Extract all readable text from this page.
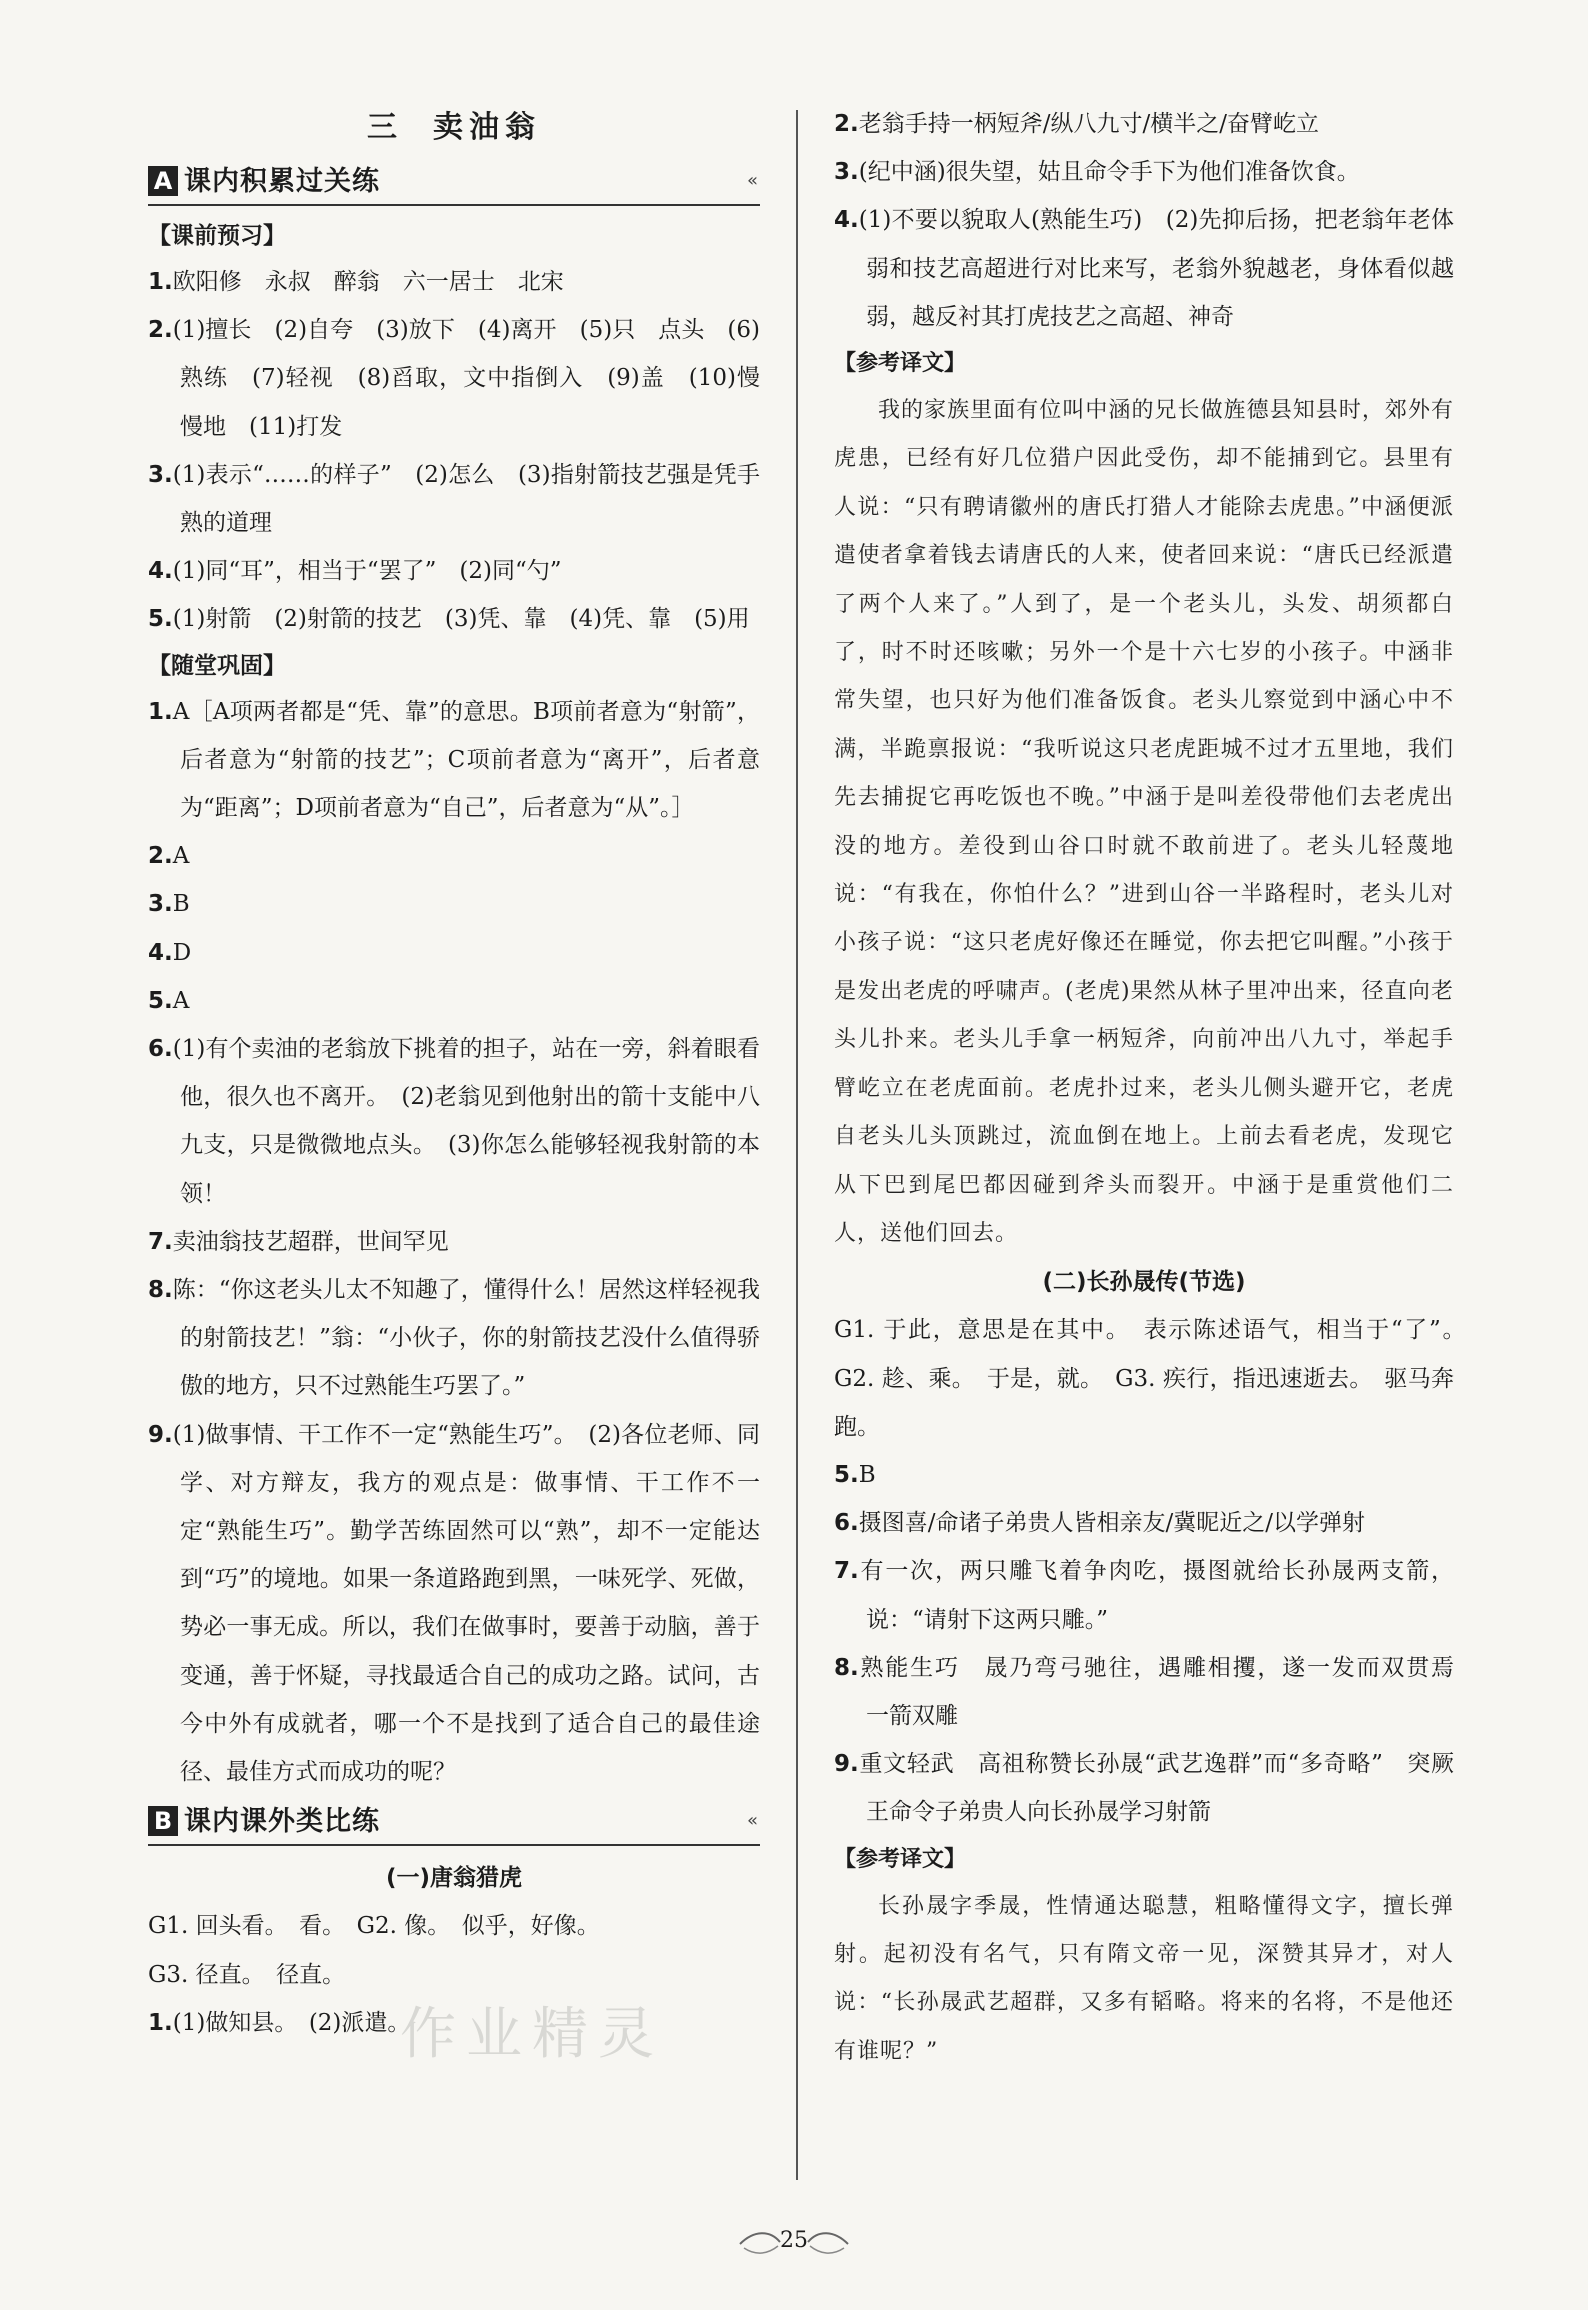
三 卖油翁
A 课内积累过关练	«
【课前预习】
1.欧阳修　永叔　醉翁　六一居士　北宋
2.(1)擅长　(2)自夸　(3)放下　(4)离开　(5)只　点头　(6)熟练　(7)轻视　(8)舀取，文中指倒入　(9)盖　(10)慢慢地　(11)打发
3.(1)表示“……的样子”　(2)怎么　(3)指射箭技艺强是凭手熟的道理
4.(1)同“耳”，相当于“罢了”　(2)同“勺”
5.(1)射箭　(2)射箭的技艺　(3)凭、靠　(4)凭、靠　(5)用
【随堂巩固】
1.A［A项两者都是“凭、靠”的意思。B项前者意为“射箭”，后者意为“射箭的技艺”；C项前者意为“离开”，后者意为“距离”；D项前者意为“自己”，后者意为“从”。］
2.A
3.B
4.D
5.A
6.(1)有个卖油的老翁放下挑着的担子，站在一旁，斜着眼看他，很久也不离开。　(2)老翁见到他射出的箭十支能中八九支，只是微微地点头。　(3)你怎么能够轻视我射箭的本领！
7.卖油翁技艺超群，世间罕见
8.陈：“你这老头儿太不知趣了，懂得什么！居然这样轻视我的射箭技艺！”翁：“小伙子，你的射箭技艺没什么值得骄傲的地方，只不过熟能生巧罢了。”
9.(1)做事情、干工作不一定“熟能生巧”。　(2)各位老师、同学、对方辩友，我方的观点是：做事情、干工作不一定“熟能生巧”。勤学苦练固然可以“熟”，却不一定能达到“巧”的境地。如果一条道路跑到黑，一味死学、死做，势必一事无成。所以，我们在做事时，要善于动脑，善于变通，善于怀疑，寻找最适合自己的成功之路。试问，古今中外有成就者，哪一个不是找到了适合自己的最佳途径、最佳方式而成功的呢？
B 课内课外类比练	«
(一)唐翁猎虎
G1. 回头看。　看。　G2. 像。　似乎，好像。
G3. 径直。　径直。
1.(1)做知县。　(2)派遣。
2.老翁手持一柄短斧/纵八九寸/横半之/奋臂屹立
3.(纪中涵)很失望，姑且命令手下为他们准备饮食。
4.(1)不要以貌取人(熟能生巧)　(2)先抑后扬，把老翁年老体弱和技艺高超进行对比来写，老翁外貌越老，身体看似越弱，越反衬其打虎技艺之高超、神奇
【参考译文】
我的家族里面有位叫中涵的兄长做旌德县知县时，郊外有虎患，已经有好几位猎户因此受伤，却不能捕到它。县里有人说：“只有聘请徽州的唐氏打猎人才能除去虎患。”中涵便派遣使者拿着钱去请唐氏的人来，使者回来说：“唐氏已经派遣了两个人来了。”人到了，是一个老头儿，头发、胡须都白了，时不时还咳嗽；另外一个是十六七岁的小孩子。中涵非常失望，也只好为他们准备饭食。老头儿察觉到中涵心中不满，半跪禀报说：“我听说这只老虎距城不过才五里地，我们先去捕捉它再吃饭也不晚。”中涵于是叫差役带他们去老虎出没的地方。差役到山谷口时就不敢前进了。老头儿轻蔑地说：“有我在，你怕什么？”进到山谷一半路程时，老头儿对小孩子说：“这只老虎好像还在睡觉，你去把它叫醒。”小孩于是发出老虎的呼啸声。(老虎)果然从林子里冲出来，径直向老头儿扑来。老头儿手拿一柄短斧，向前冲出八九寸，举起手臂屹立在老虎面前。老虎扑过来，老头儿侧头避开它，老虎自老头儿头顶跳过，流血倒在地上。上前去看老虎，发现它从下巴到尾巴都因碰到斧头而裂开。中涵于是重赏他们二人，送他们回去。
(二)长孙晟传(节选)
G1. 于此，意思是在其中。　表示陈述语气，相当于“了”。　G2. 趁、乘。　于是，就。　G3. 疾行，指迅速逝去。　驱马奔跑。
5.B
6.摄图喜/命诸子弟贵人皆相亲友/冀昵近之/以学弹射
7.有一次，两只雕飞着争肉吃，摄图就给长孙晟两支箭，说：“请射下这两只雕。”
8.熟能生巧　晟乃弯弓驰往，遇雕相攫，遂一发而双贯焉　一箭双雕
9.重文轻武　高祖称赞长孙晟“武艺逸群”而“多奇略”　突厥王命令子弟贵人向长孙晟学习射箭
【参考译文】
长孙晟字季晟，性情通达聪慧，粗略懂得文字，擅长弹射。起初没有名气，只有隋文帝一见，深赞其异才，对人说：“长孙晟武艺超群，又多有韬略。将来的名将，不是他还有谁呢？”
作业精灵
25
